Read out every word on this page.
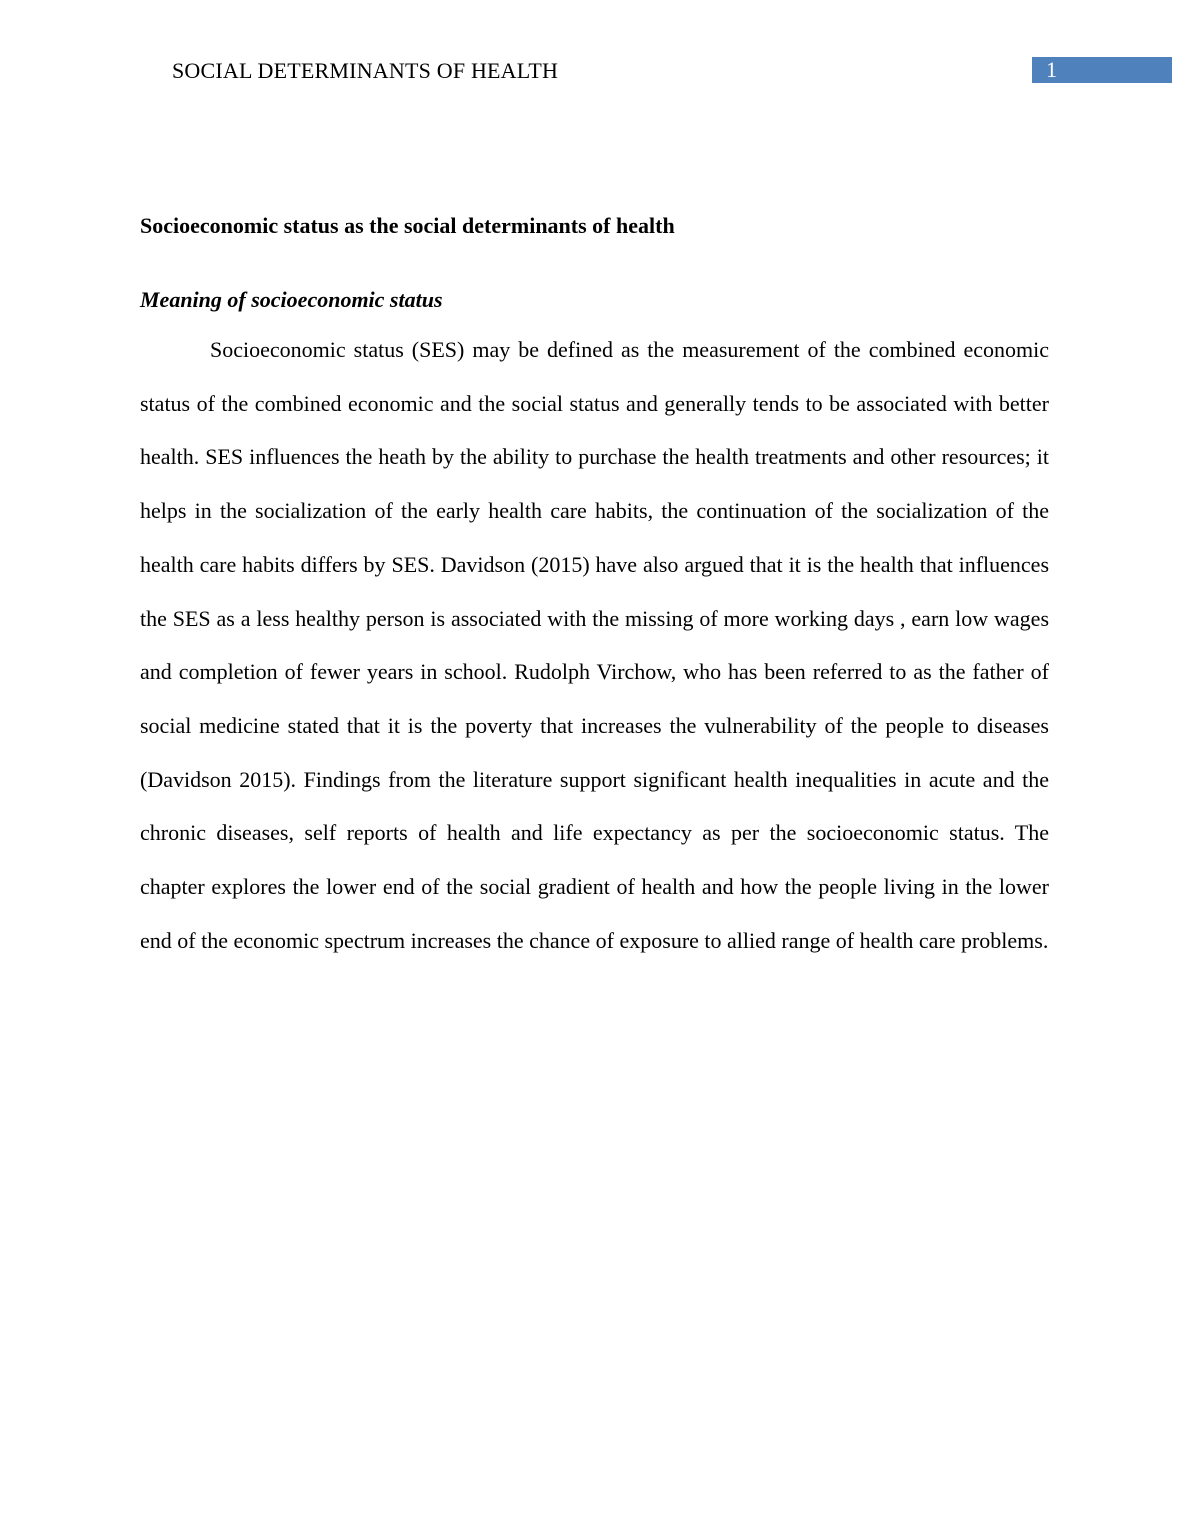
SOCIAL DETERMINANTS OF HEALTH	1
Socioeconomic status as the social determinants of health
Meaning of socioeconomic status

Socioeconomic status (SES) may be defined as the measurement of the combined economic status of the combined economic and the social status and generally tends to be associated with better health. SES influences the heath by the ability to purchase the health treatments and other resources; it helps in the socialization of the early health care habits, the continuation of the socialization of the health care habits differs by SES. Davidson (2015) have also argued that it is the health that influences the SES as a less healthy person is associated with the missing of more working days , earn low wages and completion of fewer years in school. Rudolph Virchow, who has been referred to as the father of social medicine stated that it is the poverty that increases the vulnerability of the people to diseases (Davidson 2015). Findings from the literature support significant health inequalities in acute and the chronic diseases, self reports of health and life expectancy as per the socioeconomic status. The chapter explores the lower end of the social gradient of health and how the people living in the lower end of the economic spectrum increases the chance of exposure to allied range of health care problems.
